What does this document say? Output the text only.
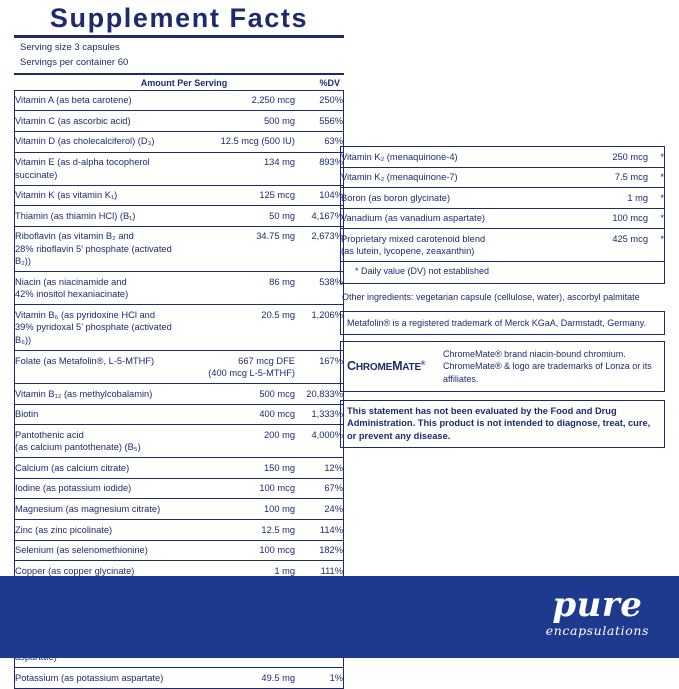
Supplement Facts
Serving size 3 capsules
Servings per container 60
Amount Per Serving	%DV
Vitamin A (as beta carotene)	2,250 mcg	250%

Vitamin C (as ascorbic acid)	500 mg	556%

Vitamin D (as cholecalciferol) (D₃)	12.5 mcg (500 IU)	63%

Vitamin E (as d-alpha tocopherol succinate)	134 mg	893%

Vitamin K (as vitamin K₁)	125 mcg	104%

Thiamin (as thiamin HCl) (B₁)	50 mg	4,167%

Riboflavin (as vitamin B₂ and
28% riboflavin 5’ phosphate (activated B₂))	34.75 mg	2,673%

Niacin (as niacinamide and
42% inositol hexaniacinate)	86 mg	538%

Vitamin B₆ (as pyridoxine HCl and
39% pyridoxal 5’ phosphate (activated B₆))	20.5 mg	1,206%

Folate (as Metafolin®, L-5-MTHF)	667 mcg DFE
(400 mcg L-5-MTHF)	167%

Vitamin B₁₂ (as methylcobalamin)	500 mcg	20,833%

Biotin	400 mcg	1,333%

Pantothenic acid
(as calcium pantothenate) (B₅)	200 mg	4,000%

Calcium (as calcium citrate)	150 mg	12%

Iodine (as potassium iodide)	100 mcg	67%

Magnesium (as magnesium citrate)	100 mg	24%

Zinc (as zinc picolinate)	12.5 mg	114%

Selenium (as selenomethionine)	100 mcg	182%

Copper (as copper glycinate)	1 mg	111%

Potassium (as potassium aspartate)	49.5 mg	1%
Vitamin K₂ (menaquinone-4)	250 mcg	*

Vitamin K₂ (menaquinone-7)	7.5 mcg	*

Boron (as boron glycinate)	1 mg	*

Vanadium (as vanadium aspartate)	100 mcg	*

Proprietary mixed carotenoid blend
(as lutein, lycopene, zeaxanthin)	425 mcg	*
* Daily value (DV) not established
Other ingredients: vegetarian capsule (cellulose, water), ascorbyl palmitate
Metafolin® is a registered trademark of Merck KGaA, Darmstadt, Germany.
CHROMEMATE®
ChromeMate® brand niacin-bound chromium. ChromeMate® & logo are trademarks of Lonza or its affiliates.
This statement has not been evaluated by the Food and Drug Administration. This product is not intended to diagnose, treat, cure, or prevent any disease.
pure
encapsulations
